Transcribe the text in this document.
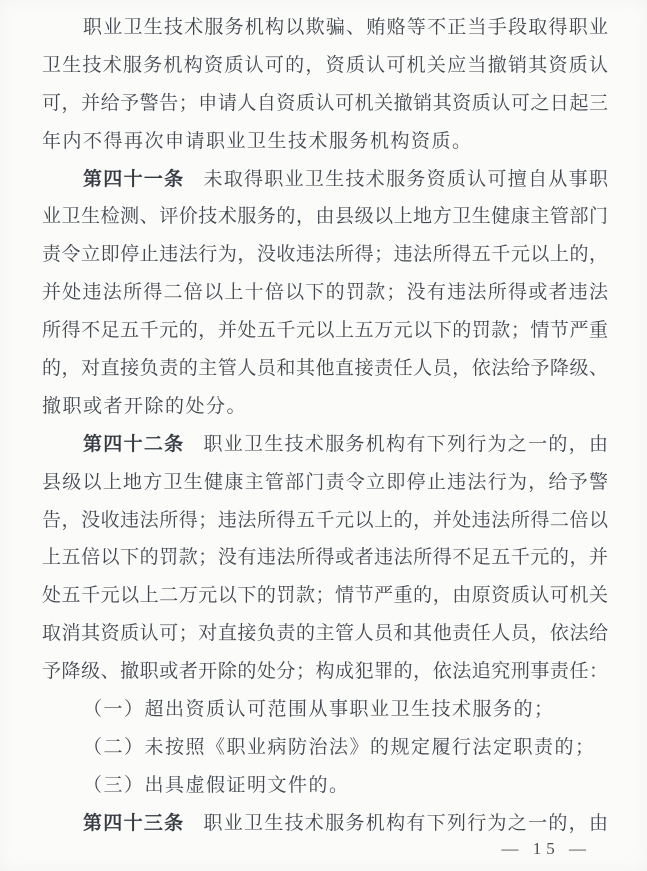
职业卫生技术服务机构以欺骗、贿赂等不正当手段取得职业
卫生技术服务机构资质认可的，资质认可机关应当撤销其资质认
可，并给予警告；申请人自资质认可机关撤销其资质认可之日起三
年内不得再次申请职业卫生技术服务机构资质。
第四十一条 未取得职业卫生技术服务资质认可擅自从事职
业卫生检测、评价技术服务的，由县级以上地方卫生健康主管部门
责令立即停止违法行为，没收违法所得；违法所得五千元以上的，
并处违法所得二倍以上十倍以下的罚款；没有违法所得或者违法
所得不足五千元的，并处五千元以上五万元以下的罚款；情节严重
的，对直接负责的主管人员和其他直接责任人员，依法给予降级、
撤职或者开除的处分。
第四十二条 职业卫生技术服务机构有下列行为之一的，由
县级以上地方卫生健康主管部门责令立即停止违法行为，给予警
告，没收违法所得；违法所得五千元以上的，并处违法所得二倍以
上五倍以下的罚款；没有违法所得或者违法所得不足五千元的，并
处五千元以上二万元以下的罚款；情节严重的，由原资质认可机关
取消其资质认可；对直接负责的主管人员和其他责任人员，依法给
予降级、撤职或者开除的处分；构成犯罪的，依法追究刑事责任：
（一）超出资质认可范围从事职业卫生技术服务的；
（二）未按照《职业病防治法》的规定履行法定职责的；
（三）出具虚假证明文件的。
第四十三条 职业卫生技术服务机构有下列行为之一的，由
— 15 —
